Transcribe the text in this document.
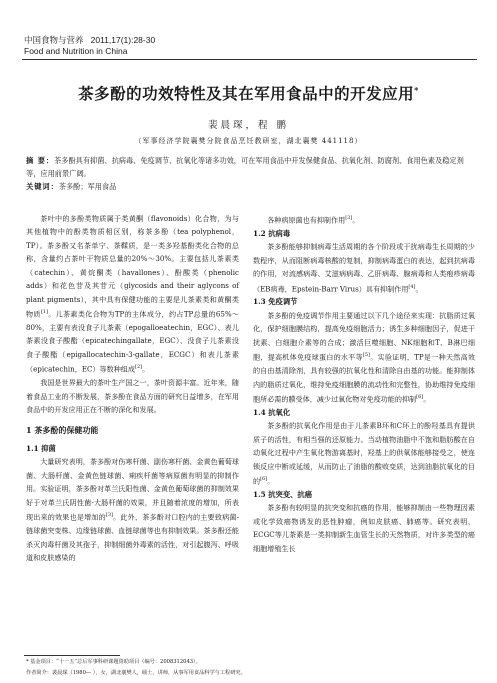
中国食物与营养 2011,17(1):28-30
Food and Nutrition in China
茶多酚的功效特性及其在军用食品中的开发应用*
裴晨琛，程 鹏
（军事经济学院襄樊分院食品烹饪教研室，湖北襄樊 441118）
摘 要：茶多酚具有抑菌、抗病毒、免疫调节、抗氧化等诸多功效，可在军用食品中开发保健食品、抗氧化剂、防腐剂、食用色素及稳定剂等，应用前景广阔。
关键词：茶多酚；军用食品

茶叶中的多酚类物质属于类黄酮（flavonoids）化合物，为与其他植物中的酚类物质相区别，称茶多酚（tea polyphenol，TP）。茶多酚又名茶单宁、茶鞣质，是一类多羟基酚类化合物的总称，含量约占茶叶干物质总量的20%～30%。主要包括儿茶素类（catechin）、黄烷酮类（havallones）、酚酸类（phenolic adds）和花色苷及其苷元（glycosids and their aglycons of plant pigments），其中具有保健功能的主要是儿茶素类和黄酮类物质[1]。儿茶素类化合物为TP的主体成分，约占TP总量的65%～80%，主要有表没食子儿茶素（epogalloeatechin，EGC）、表儿茶素没食子酸酯（epicatechingallate，EGC）、没食子儿茶素没食子酸酯（epigallocatechin-3-gallate，ECGC）和表儿茶素（epicatechin，EC）等数种组成[2]。

我国是世界最大的茶叶生产国之一，茶叶资源丰富。近年来，随着食品工业的不断发展，茶多酚在食品方面的研究日益增多，在军用食品中的开发应用正在不断的深化和发展。

1 茶多酚的保健功能

1.1 抑菌

大量研究表明，茶多酚对伤寒杆菌、副伤寒杆菌、金黄色葡萄球菌、大肠杆菌、金黄色链球菌、痢疾杆菌等病原菌有明显的抑制作用。实验证明，茶多酚对革兰氏阳性菌、金黄色葡萄球菌的抑制效果好于对革兰氏阴性菌-大肠杆菌的效果，并且随着浓度的增加，所表现出来的效果也是增加的[3]。此外，茶多酚对口腔内的主要致病菌-链球菌突变株、边缘链球菌、血链球菌等也有抑制效果。茶多酚还能杀灭肉毒杆菌及其孢子，抑制细菌外毒素的活性，对引起腹泻、呼吸道和皮肤感染的

各种病原菌也有抑制作用[3]。

1.2 抗病毒

茶多酚能够抑制病毒生活周期的各个阶段或干扰病毒生长周期的少数程序，从而阻断病毒核酸的复制，抑制病毒蛋白的表达，起到抗病毒的作用，对流感病毒、艾滋病病毒、乙肝病毒、腺病毒和人类疱疹病毒（EB病毒，Epstein-Barr Virus）具有抑制作用[4]。

1.3 免疫调节

茶多酚的免疫调节作用主要通过以下几个途径来实现：抗脂质过氧化，保护细胞膜结构，提高免疫细胞活力；诱生多种细胞因子，促进干扰素、白细胞介素等的合成；激活巨噬细胞、NK细胞和T、B淋巴细胞，提高机体免疫球蛋白的水平等[5]。实验证明，TP是一种天然高效的自由基清除剂，具有较强的抗氧化性和清除自由基的功能。能抑制体内的脂质过氧化，维持免疫细胞膜的流动性和完整性，协助维持免疫细胞所必需的膜受体，减少过氧化物对免疫功能的抑制[6]。

1.4 抗氧化

茶多酚的抗氧化作用是由于儿茶素B环和C环上的酚羟基具有提供质子的活性，有相当强的还原能力。当动植物油脂中不饱和脂肪酸在自动氧化过程中产生氧化物游离基时，羟基上的供氧体能够接受之，使连锁反应中断或延缓，从而防止了油脂的酸败变质，达到油脂抗氧化的目的[6]。

1.5 抗突变、抗癌

茶多酚有较明显的抗突变和抗癌的作用，能够抑制由一些物理因素或化学致癌物诱发的恶性肿瘤，例如皮肤癌、肺癌等。研究表明，ECGC等儿茶素是一类抑制新生血管生长的天然物质，对许多类型的癌细胞增殖生长

* 基金项目：“十一五”总后军事科研课题资助项目（编号：2008312043）。
作者简介：裴晨琛（1980— ），女，湖北襄樊人，硕士，讲师，从事军用食品科学与工程研究。
